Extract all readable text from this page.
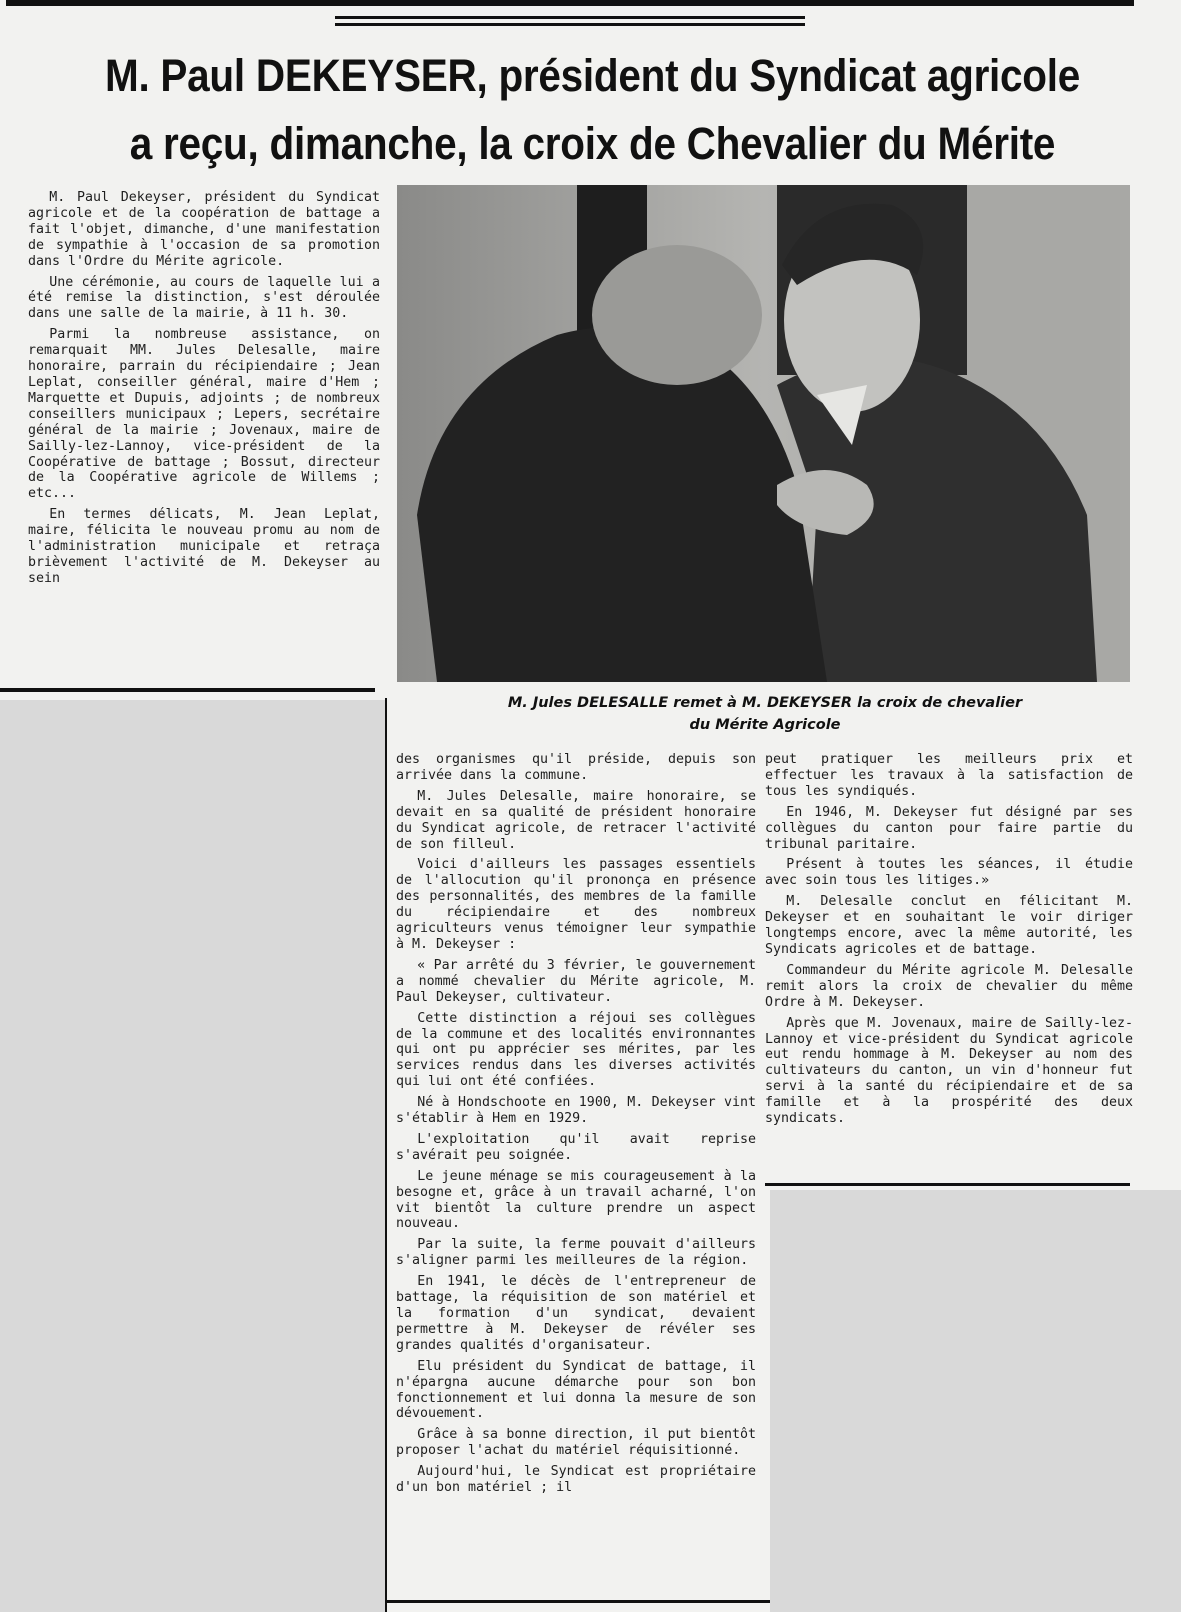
M. Paul DEKEYSER, président du Syndicat agricole
a reçu, dimanche, la croix de Chevalier du Mérite
M. Jules DELESALLE remet à M. DEKEYSER la croix de chevalier
du Mérite Agricole

M. Paul Dekeyser, président du Syndicat agricole et de la coopération de battage a fait l'objet, dimanche, d'une manifestation de sympathie à l'occasion de sa promotion dans l'Ordre du Mérite agricole.

Une cérémonie, au cours de laquelle lui a été remise la distinction, s'est déroulée dans une salle de la mairie, à 11 h. 30.

Parmi la nombreuse assistance, on remarquait MM. Jules Delesalle, maire honoraire, parrain du récipiendaire ; Jean Leplat, conseiller général, maire d'Hem ; Marquette et Dupuis, adjoints ; de nombreux conseillers municipaux ; Lepers, secrétaire général de la mairie ; Jovenaux, maire de Sailly-lez-Lannoy, vice-président de la Coopérative de battage ; Bossut, directeur de la Coopérative agricole de Willems ; etc...

En termes délicats, M. Jean Leplat, maire, félicita le nouveau promu au nom de l'administration municipale et retraça brièvement l'activité de M. Dekeyser au sein

des organismes qu'il préside, depuis son arrivée dans la commune.

M. Jules Delesalle, maire honoraire, se devait en sa qualité de président honoraire du Syndicat agricole, de retracer l'activité de son filleul.

Voici d'ailleurs les passages essentiels de l'allocution qu'il prononça en présence des personnalités, des membres de la famille du récipiendaire et des nombreux agriculteurs venus témoigner leur sympathie à M. Dekeyser :

« Par arrêté du 3 février, le gouvernement a nommé chevalier du Mérite agricole, M. Paul Dekeyser, cultivateur.

Cette distinction a réjoui ses collègues de la commune et des localités environnantes qui ont pu apprécier ses mérites, par les services rendus dans les diverses activités qui lui ont été confiées.

Né à Hondschoote en 1900, M. Dekeyser vint s'établir à Hem en 1929.

L'exploitation qu'il avait reprise s'avérait peu soignée.

Le jeune ménage se mis courageusement à la besogne et, grâce à un travail acharné, l'on vit bientôt la culture prendre un aspect nouveau.

Par la suite, la ferme pouvait d'ailleurs s'aligner parmi les meilleures de la région.

En 1941, le décès de l'entrepreneur de battage, la réquisition de son matériel et la formation d'un syndicat, devaient permettre à M. Dekeyser de révéler ses grandes qualités d'organisateur.

Elu président du Syndicat de battage, il n'épargna aucune démarche pour son bon fonctionnement et lui donna la mesure de son dévouement.

Grâce à sa bonne direction, il put bientôt proposer l'achat du matériel réquisitionné.

Aujourd'hui, le Syndicat est propriétaire d'un bon matériel ; il

peut pratiquer les meilleurs prix et effectuer les travaux à la satisfaction de tous les syndiqués.

En 1946, M. Dekeyser fut désigné par ses collègues du canton pour faire partie du tribunal paritaire.

Présent à toutes les séances, il étudie avec soin tous les litiges.»

M. Delesalle conclut en félicitant M. Dekeyser et en souhaitant le voir diriger longtemps encore, avec la même autorité, les Syndicats agricoles et de battage.

Commandeur du Mérite agricole M. Delesalle remit alors la croix de chevalier du même Ordre à M. Dekeyser.

Après que M. Jovenaux, maire de Sailly-lez-Lannoy et vice-président du Syndicat agricole eut rendu hommage à M. Dekeyser au nom des cultivateurs du canton, un vin d'honneur fut servi à la santé du récipiendaire et de sa famille et à la prospérité des deux syndicats.
